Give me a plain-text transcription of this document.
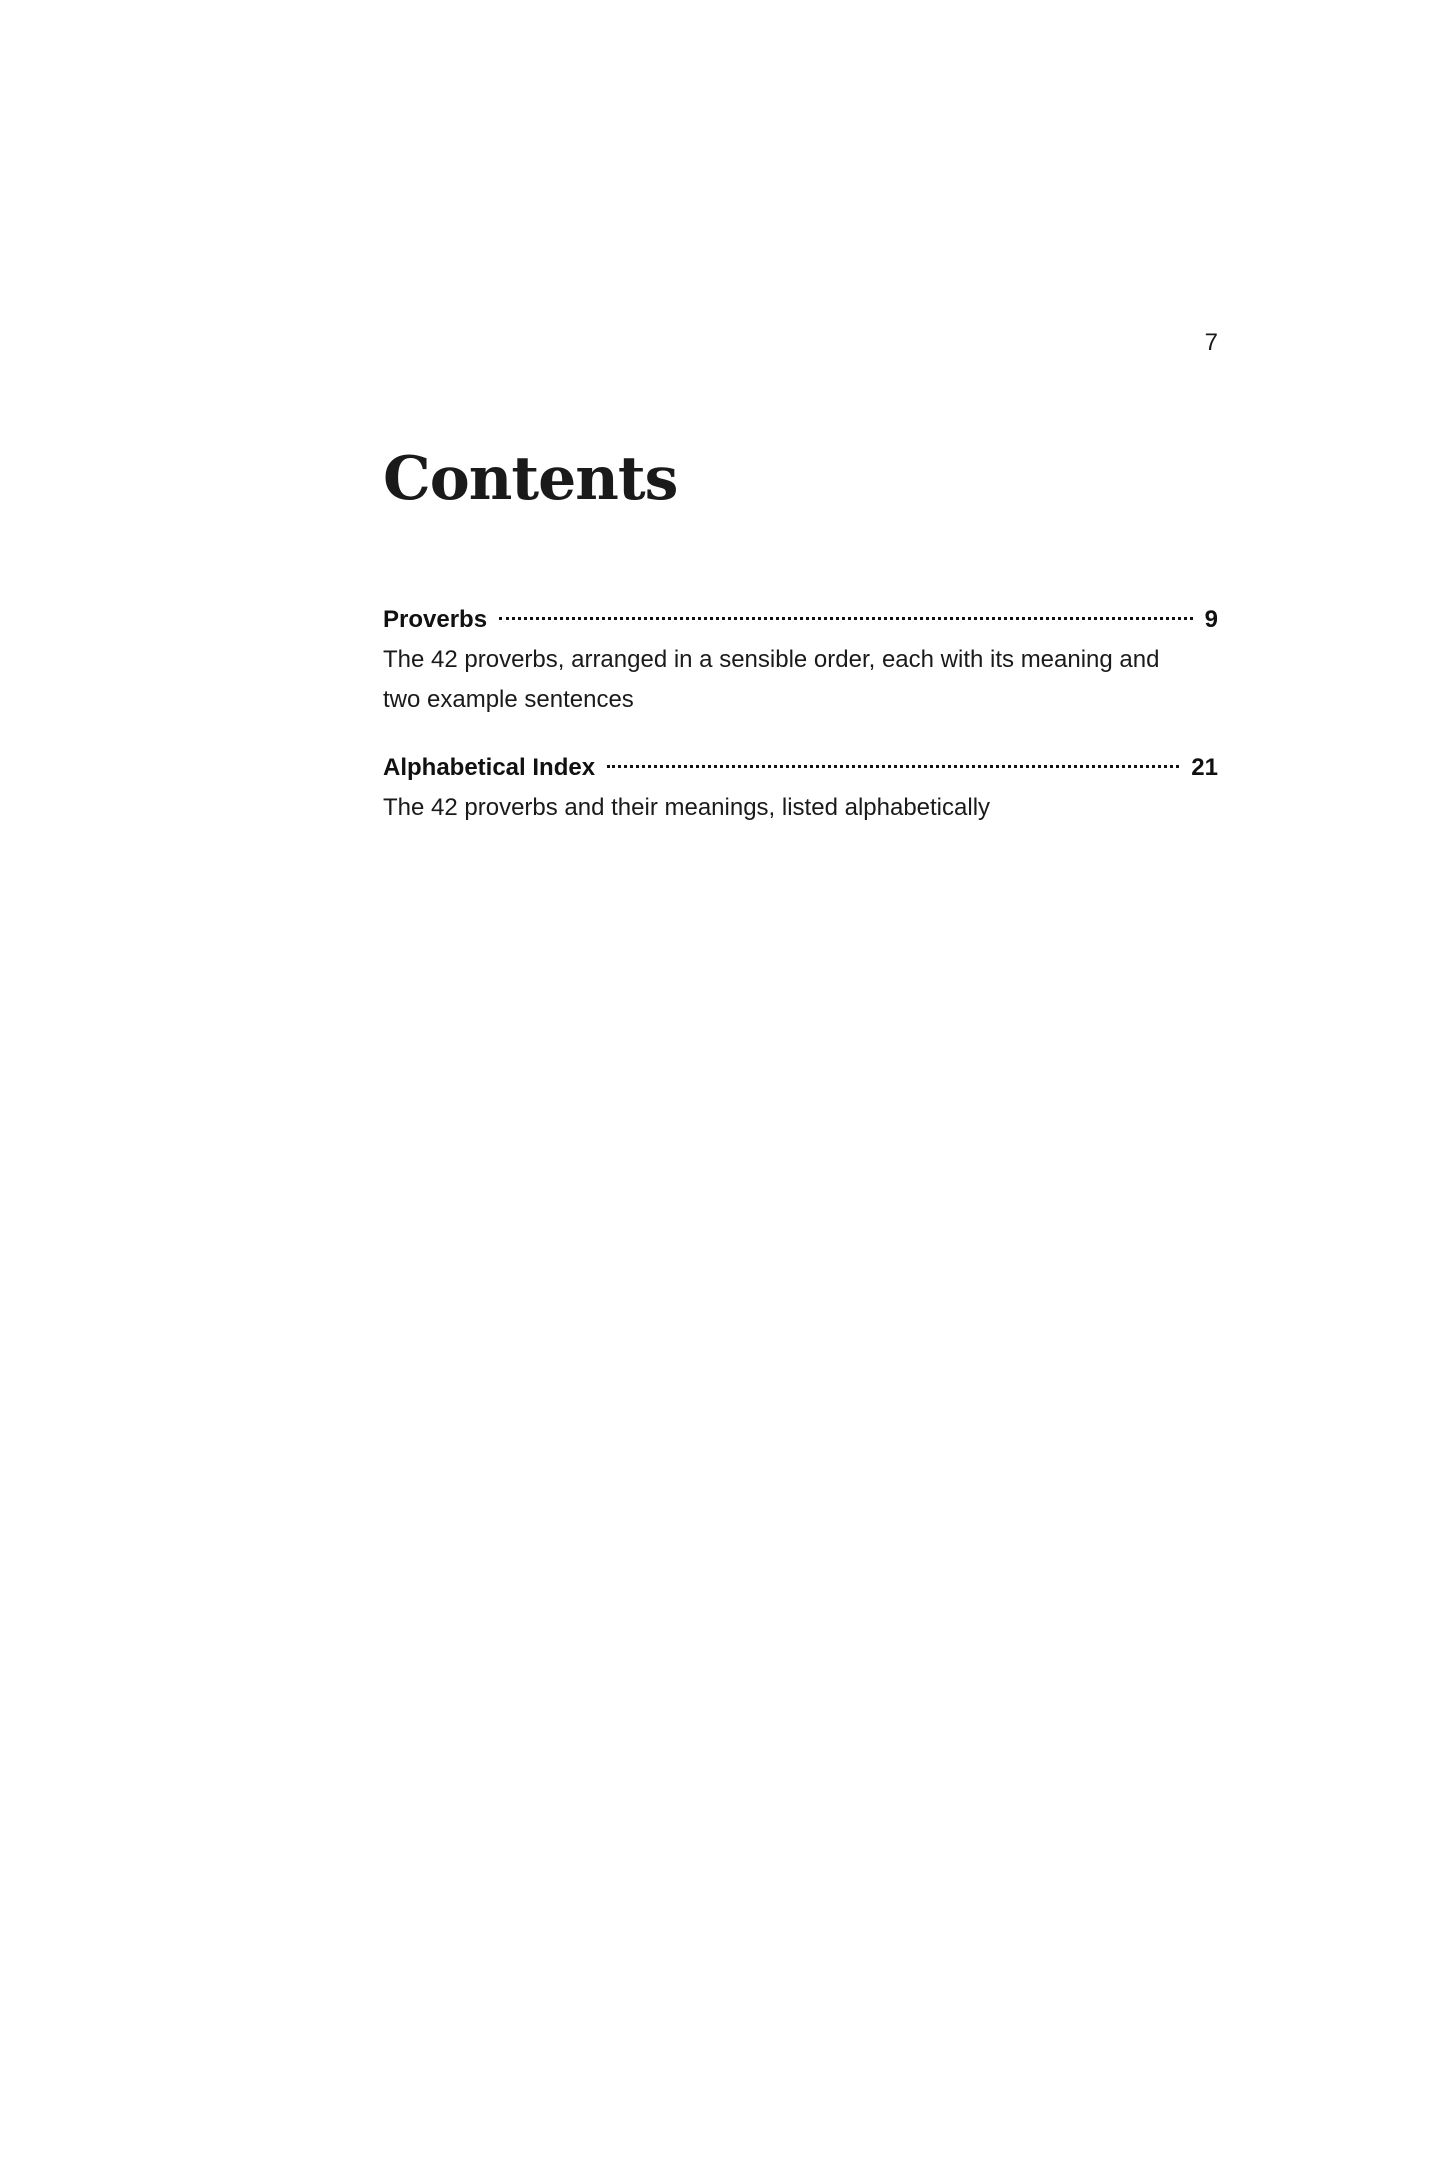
7
Contents
Proverbs	9

The 42 proverbs, arranged in a sensible order, each with its meaning and two example sentences

Alphabetical Index	21

The 42 proverbs and their meanings, listed alphabetically
